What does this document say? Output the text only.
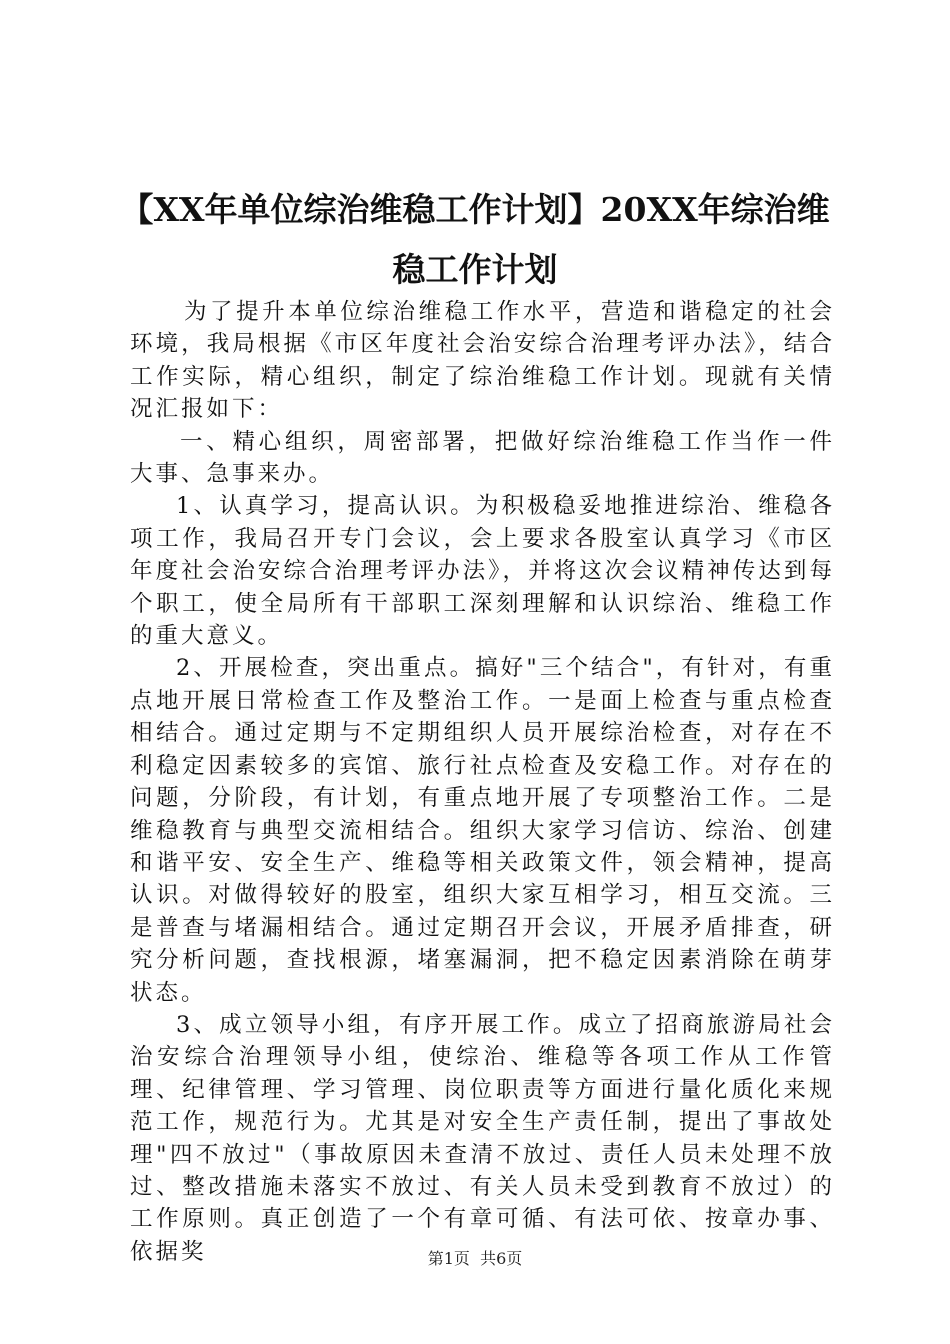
【XX年单位综治维稳工作计划】20XX年综治维稳工作计划

为了提升本单位综治维稳工作水平，营造和谐稳定的社会环境，我局根据《市区年度社会治安综合治理考评办法》，结合工作实际，精心组织，制定了综治维稳工作计划。现就有关情况汇报如下：

一、精心组织，周密部署，把做好综治维稳工作当作一件大事、急事来办。

1、认真学习，提高认识。为积极稳妥地推进综治、维稳各项工作，我局召开专门会议，会上要求各股室认真学习《市区年度社会治安综合治理考评办法》，并将这次会议精神传达到每个职工，使全局所有干部职工深刻理解和认识综治、维稳工作的重大意义。

2、开展检查，突出重点。搞好"三个结合"，有针对，有重点地开展日常检查工作及整治工作。一是面上检查与重点检查相结合。通过定期与不定期组织人员开展综治检查，对存在不利稳定因素较多的宾馆、旅行社点检查及安稳工作。对存在的问题，分阶段，有计划，有重点地开展了专项整治工作。二是维稳教育与典型交流相结合。组织大家学习信访、综治、创建和谐平安、安全生产、维稳等相关政策文件，领会精神，提高认识。对做得较好的股室，组织大家互相学习，相互交流。三是普查与堵漏相结合。通过定期召开会议，开展矛盾排查，研究分析问题，查找根源，堵塞漏洞，把不稳定因素消除在萌芽状态。

3、成立领导小组，有序开展工作。成立了招商旅游局社会治安综合治理领导小组，使综治、维稳等各项工作从工作管理、纪律管理、学习管理、岗位职责等方面进行量化质化来规范工作，规范行为。尤其是对安全生产责任制，提出了事故处理"四不放过"（事故原因未查清不放过、责任人员未处理不放过、整改措施未落实不放过、有关人员未受到教育不放过）的工作原则。真正创造了一个有章可循、有法可依、按章办事、依据奖	第1页  共6页
